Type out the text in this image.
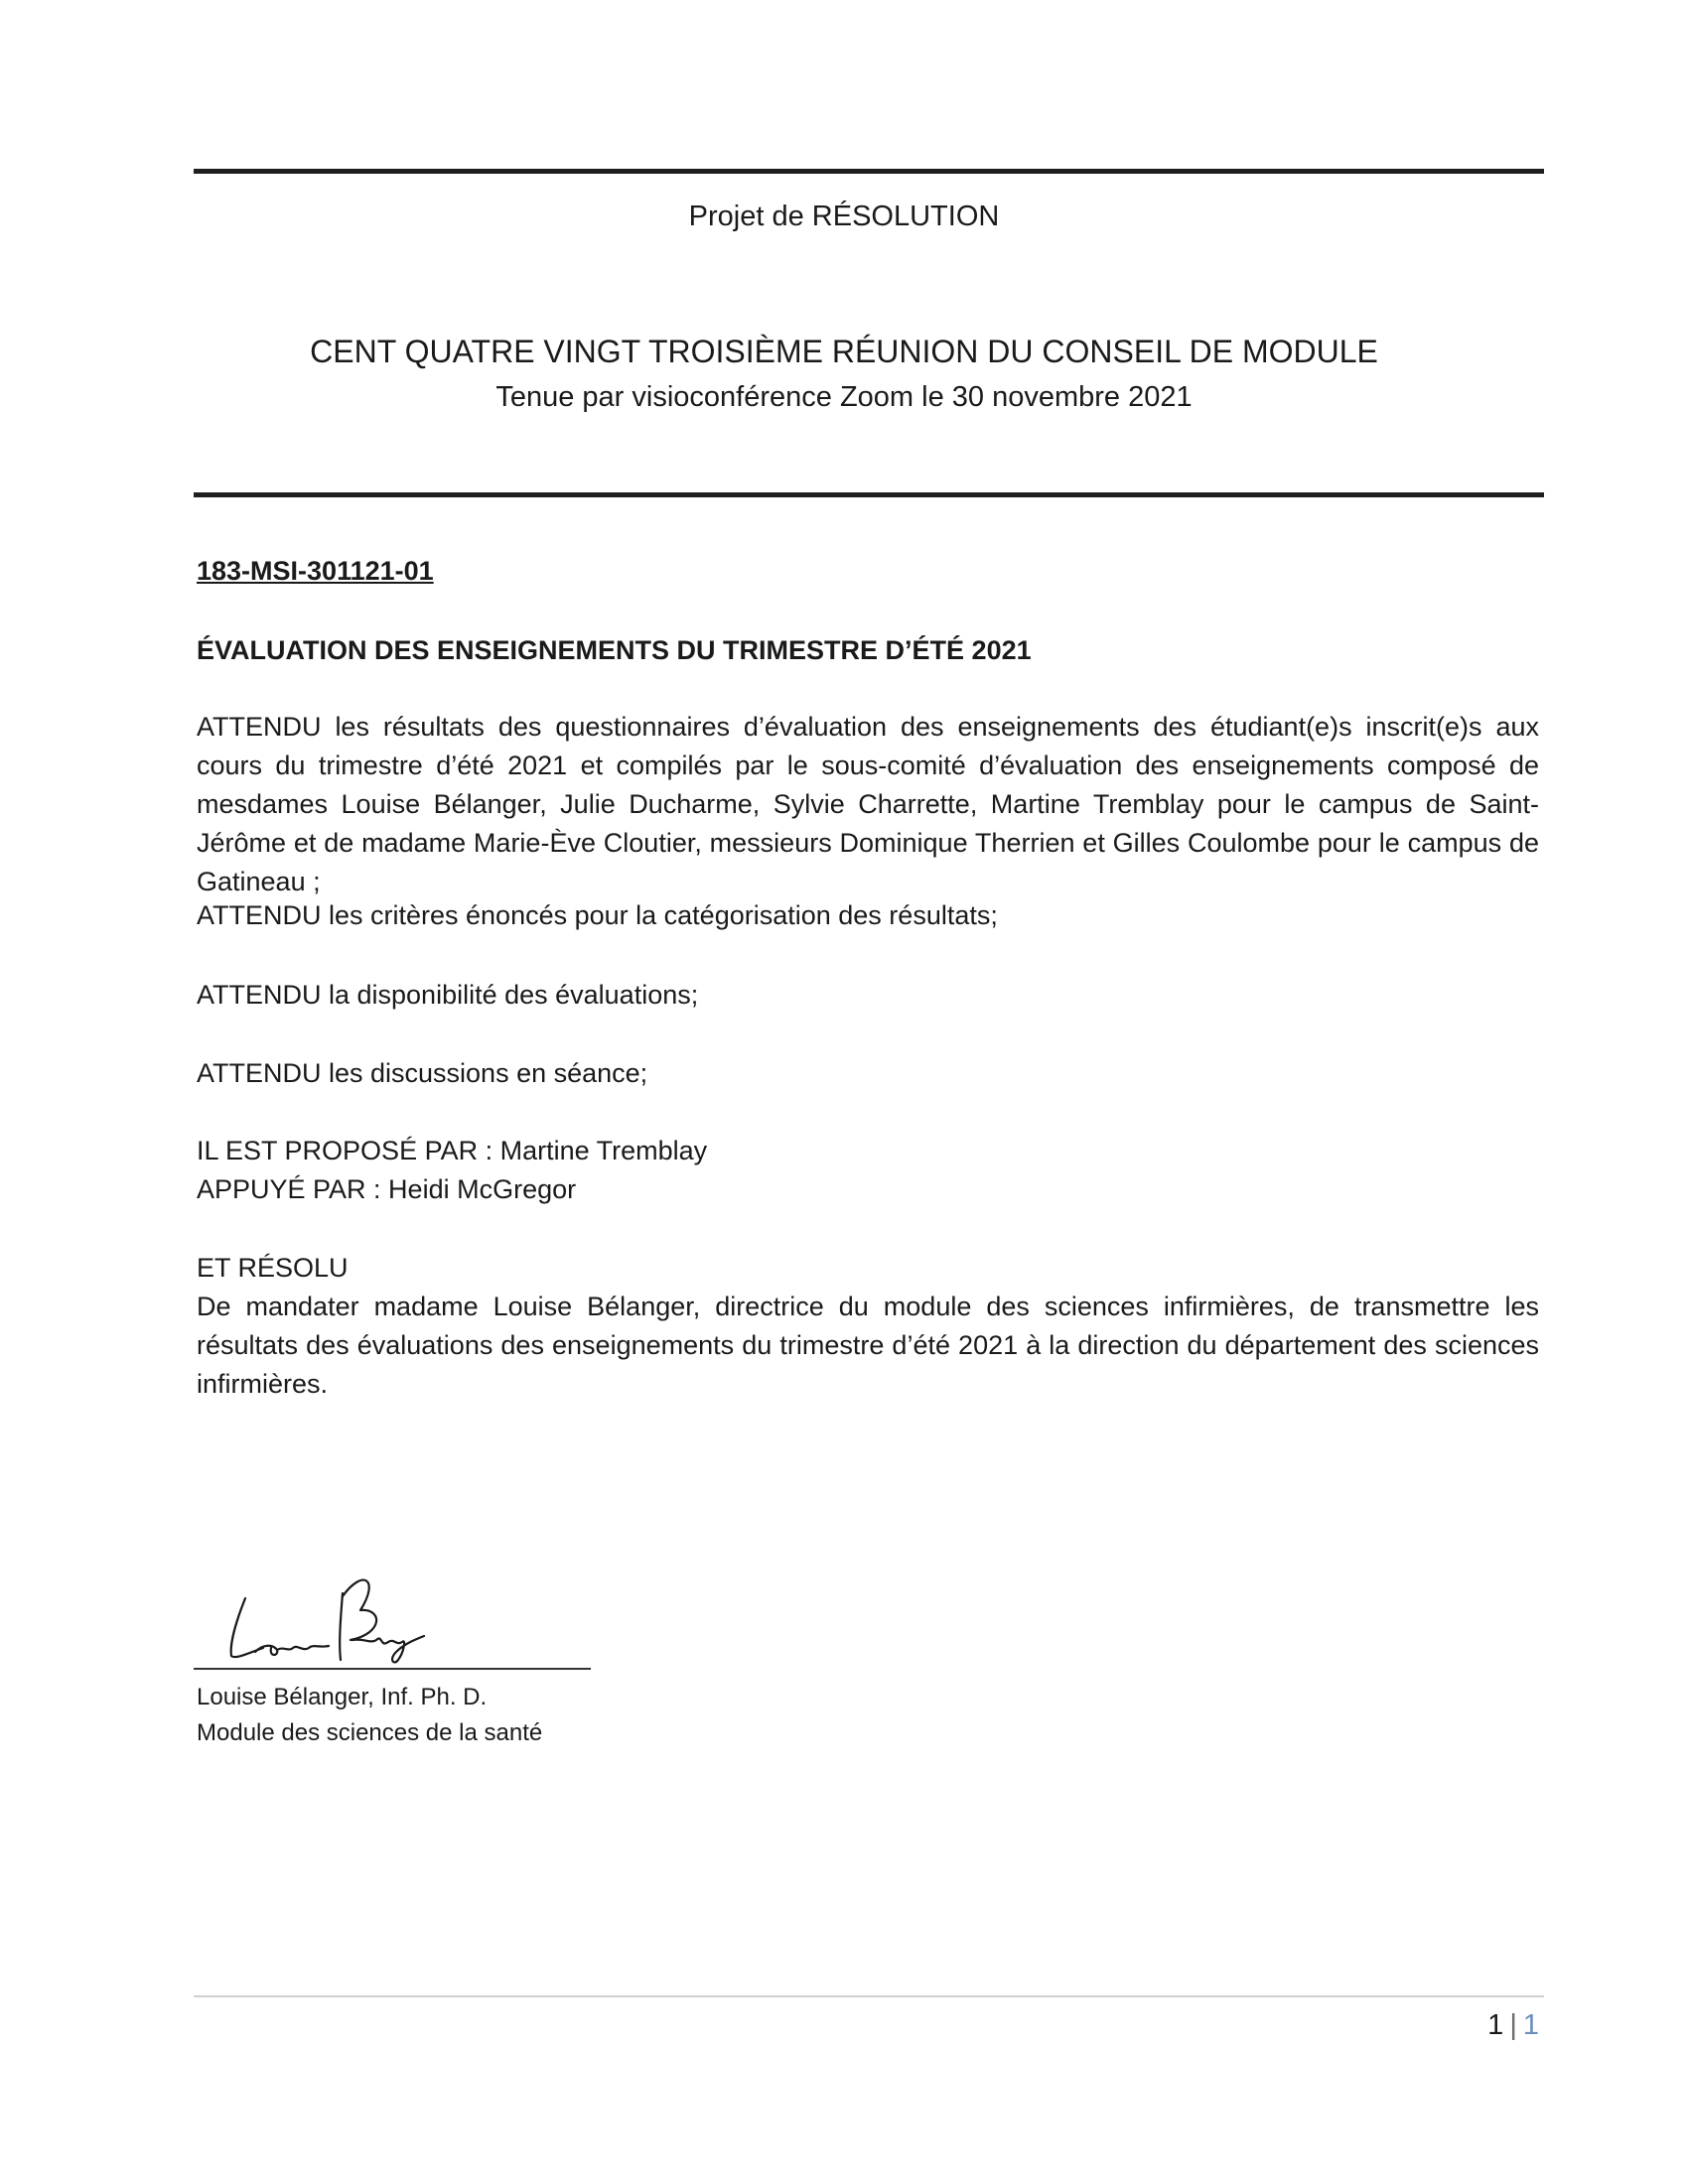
Projet de RÉSOLUTION
CENT QUATRE VINGT TROISIÈME RÉUNION DU CONSEIL DE MODULE
Tenue par visioconférence Zoom le 30 novembre 2021
183-MSI-301121-01
ÉVALUATION DES ENSEIGNEMENTS DU TRIMESTRE D’ÉTÉ 2021

ATTENDU les résultats des questionnaires d’évaluation des enseignements des étudiant(e)s inscrit(e)s aux cours du trimestre d’été 2021 et compilés par le sous-comité d’évaluation des enseignements composé de mesdames Louise Bélanger, Julie Ducharme, Sylvie Charrette, Martine Tremblay pour le campus de Saint-Jérôme et de madame Marie-Ève Cloutier, messieurs Dominique Therrien et Gilles Coulombe pour le campus de Gatineau ;

ATTENDU les critères énoncés pour la catégorisation des résultats;

ATTENDU la disponibilité des évaluations;

ATTENDU les discussions en séance;

IL EST PROPOSÉ PAR : Martine Tremblay
APPUYÉ PAR : Heidi McGregor
ET RÉSOLU
De mandater madame Louise Bélanger, directrice du module des sciences infirmières, de transmettre les résultats des évaluations des enseignements du trimestre d’été 2021 à la direction du département des sciences infirmières.
Louise Bélanger, Inf. Ph. D.
Module des sciences de la santé
1 | 1
